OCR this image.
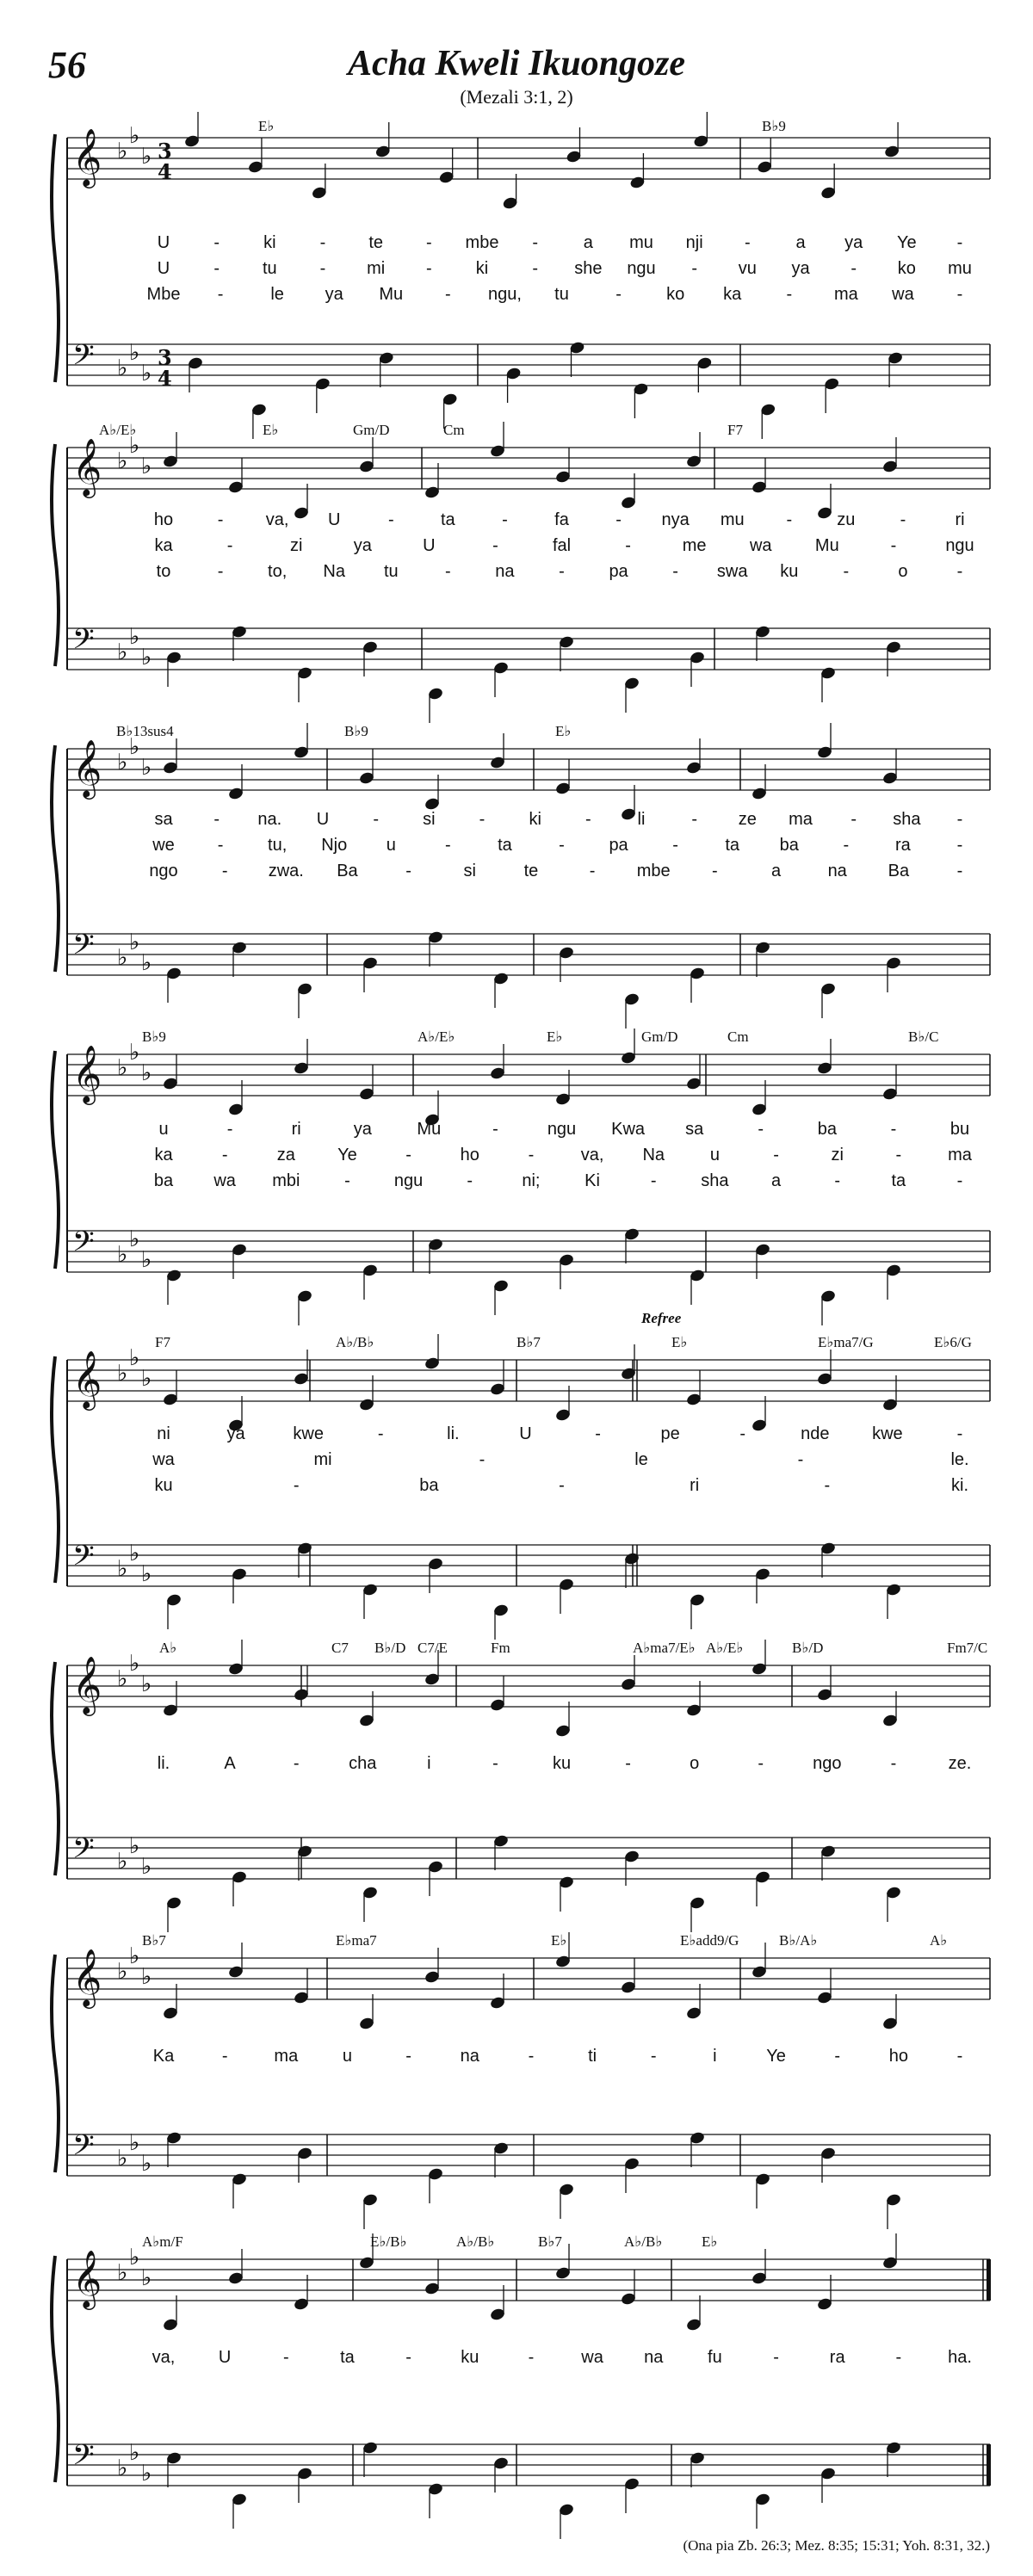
56	Acha Kweli Ikuongoze
(Mezali 3:1, 2)
𝄞 ♭
♭
♭ 3
4
𝄢 ♭
♭
♭
3
4
E♭	B♭9
U	-	ki	- te - mbe -	a mu nji -	a ya Ye -
U	- tu - mi -	ki	- she ngu - vu ya - ko mu
Mbe -	le ya Mu - ngu, tu	-	ko ka	- ma wa -
𝄞 ♭
♭
♭
𝄢 ♭
♭
♭
A♭/E♭	E♭	Gm/D	Cm	F7
ho	- va, U	-	ta	-	fa	- nya mu -	zu	-	ri
ka	-	zi	ya	U	-	fal	-	me	wa	Mu	-	ngu
to	-	to, Na tu	-	na	-	pa	- swa ku	-	o	-
𝄞 ♭
♭
♭
𝄢 ♭
♭
♭
B♭13sus4	B♭9	E♭
sa - na. U	-	si	-	ki	-	li	- ze ma - sha -
we -	tu, Njo u	-	ta	-	pa	-	ta ba	-	ra	-
ngo	- zwa. Ba	-	si	te	- mbe -	a	na Ba	-
𝄞 ♭
♭
♭
𝄢 ♭
♭
♭
B♭9	A♭/E♭	E♭	Gm/D	Cm	B♭/C
u	-	ri	ya	Mu	-	ngu Kwa sa	-	ba	-	bu
ka	-	za Ye	-	ho	-	va, Na	u	-	zi	-	ma
ba wa mbi	-	ngu	-	ni;	Ki	-	sha a	-	ta	-
𝄞 ♭
♭
♭
𝄢 ♭
♭
♭
F7	A♭/B♭	B♭7	E♭	E♭ma7/G	E♭6/G
Refree
ni	ya	kwe	-	li.	U	-	pe	-	nde kwe	-
wa	mi	-	le	-	le.
ku	-	ba	-	ri	-	ki.
𝄞 ♭
♭
♭
𝄢 ♭
♭
♭
A♭	C7 B♭/D C7/E	Fm	A♭ma7/E♭ A♭/E♭	B♭/D	Fm7/C
li.	A	-	cha	i	-	ku	-	o	-	ngo	-	ze.
𝄞 ♭
♭
♭
𝄢 ♭
♭
♭
B♭7	E♭ma7	E♭	E♭add9/G	B♭/A♭	A♭
Ka	-	ma	u	-	na	-	ti	-	i	Ye	-	ho	-
𝄞 ♭
♭
♭
𝄢 ♭
♭
♭
A♭m/F	E♭/B♭	A♭/B♭	B♭7	A♭/B♭	E♭
va,	U	-	ta	-	ku	-	wa na	fu	-	ra	-	ha.
(Ona pia Zb. 26:3; Mez. 8:35; 15:31; Yoh. 8:31, 32.)
